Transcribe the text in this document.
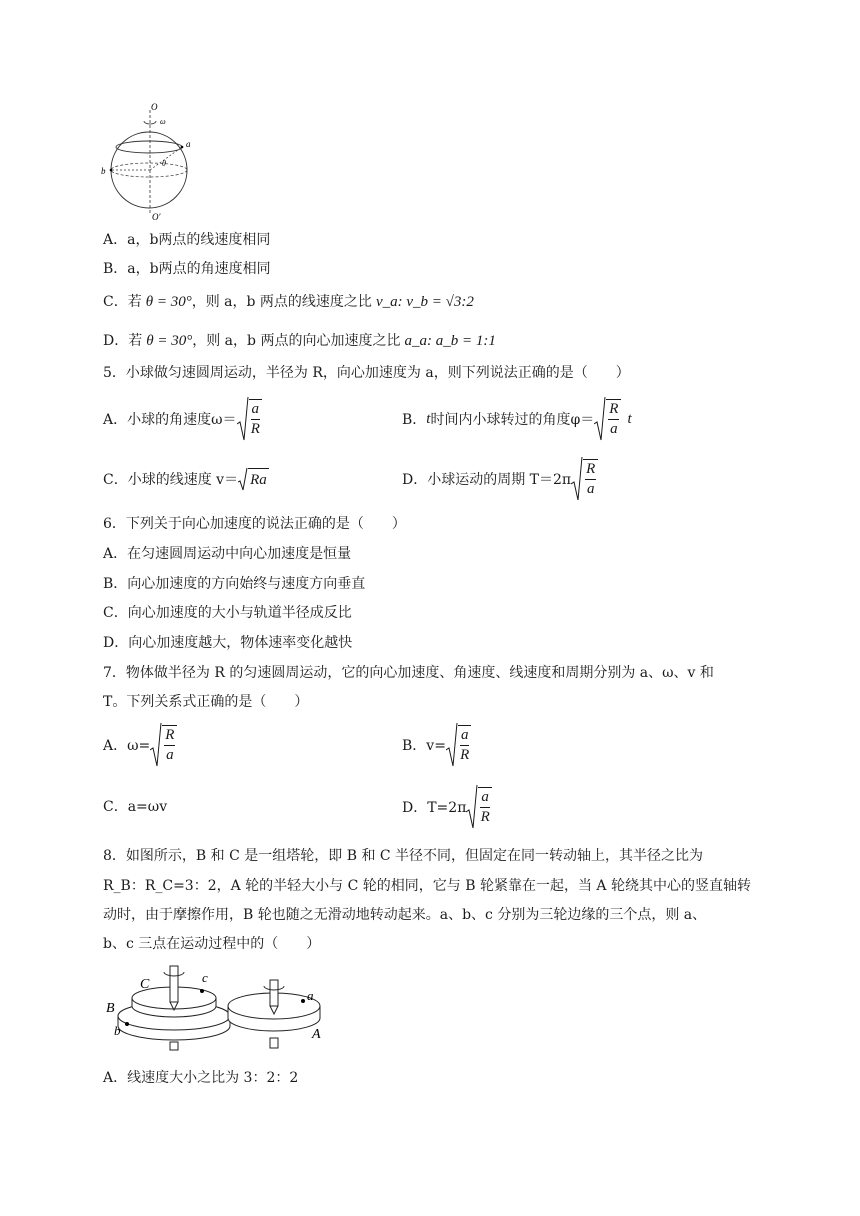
O
ω
a
b
θ
O′
A．a，b两点的线速度相同
B．a，b两点的角速度相同
C．若 θ = 30° ，则 a，b 两点的线速度之比 v_a: v_b = √3:2
D．若 θ = 30° ，则 a，b 两点的向心加速度之比 a_a: a_b = 1:1
5．小球做匀速圆周运动，半径为 R，向心加速度为 a，则下列说法正确的是（　　）
A．小球的角速度$\omega= \frac{a}{R}$	B． t 时间内小球转过的角度$\varphi= \frac{R}{a}$ t
C．小球的线速度 v＝ Ra	D．小球运动的周期 $T=2\pi \frac{R}{a}$
6．下列关于向心加速度的说法正确的是（　　）
A．在匀速圆周运动中向心加速度是恒量
B．向心加速度的方向始终与速度方向垂直
C．向心加速度的大小与轨道半径成反比
D．向心加速度越大，物体速率变化越快
7．物体做半径为 R 的匀速圆周运动，它的向心加速度、角速度、线速度和周期分别为 a、ω、v 和
T。下列关系式正确的是（　　）
A．$\omega= \frac{R}{a}$	B．$v= \frac{a}{R}$
C．a=ωv	D．$T=2\pi \frac{a}{R}$
8．如图所示，B 和 C 是一组塔轮，即 B 和 C 半径不同，但固定在同一转动轴上，其半径之比为
R_B：R_C=3：2，A 轮的半轻大小与 C 轮的相同，它与 B 轮紧靠在一起，当 A 轮绕其中心的竖直轴转
动时，由于摩擦作用，B 轮也随之无滑动地转动起来。a、b、c 分别为三轮边缘的三个点，则 a、
b、c 三点在运动过程中的（　　）
C	c
B
b
a
A
A．线速度大小之比为 3：2：2
